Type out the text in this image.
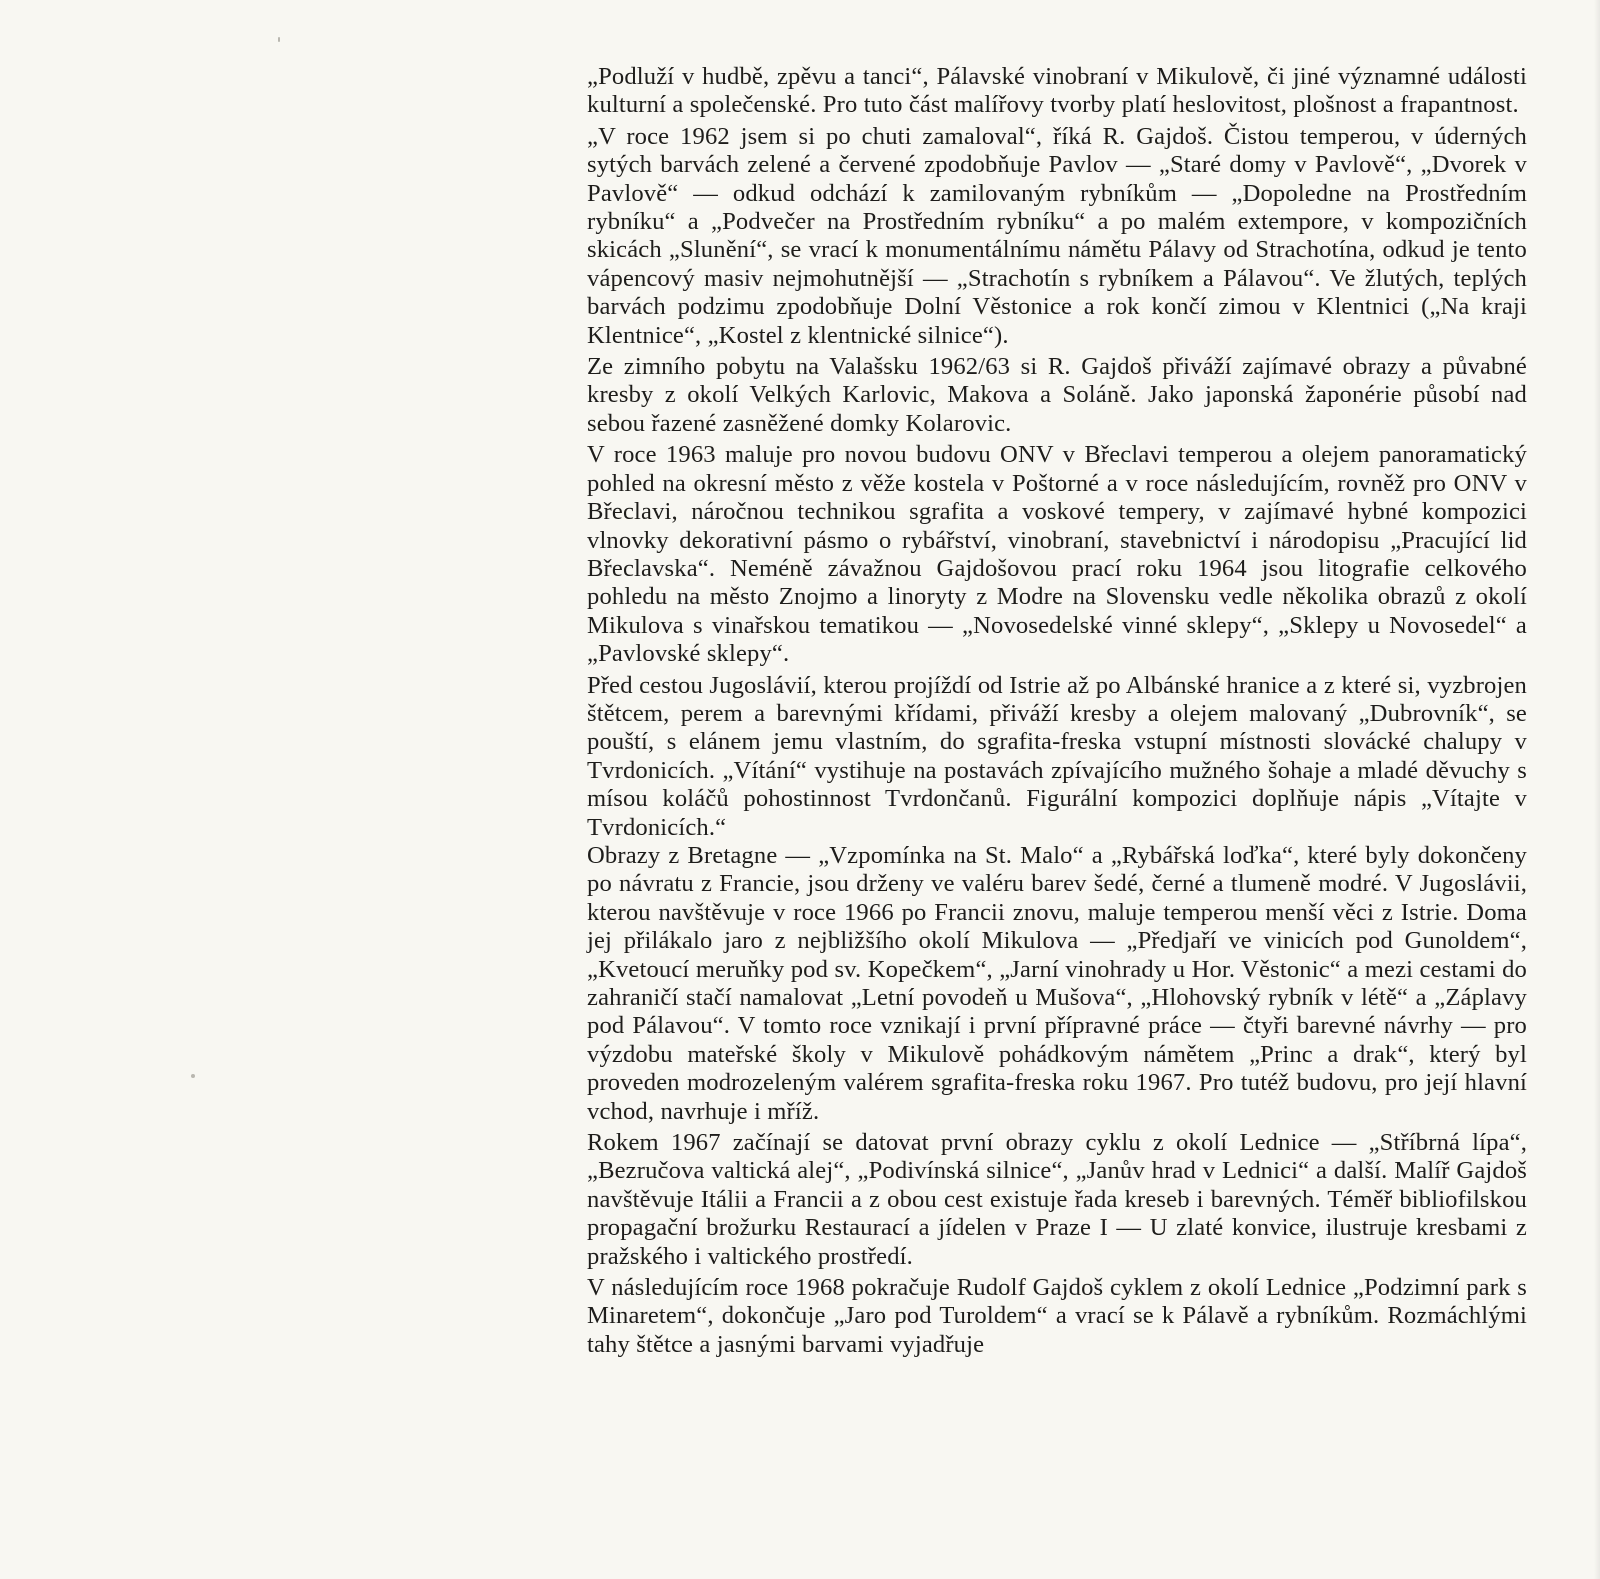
„Podluží v hudbě, zpěvu a tanci“, Pálavské vinobraní v Mikulově, či jiné významné události kulturní a společenské. Pro tuto část malířovy tvorby platí heslovitost, plošnost a frapantnost.

„V roce 1962 jsem si po chuti zamaloval“, říká R. Gajdoš. Čistou temperou, v úderných sytých barvách zelené a červené zpodobňuje Pavlov — „Staré domy v Pavlově“, „Dvorek v Pavlově“ — odkud odchází k zamilovaným rybníkům — „Dopoledne na Prostředním rybníku“ a „Podvečer na Prostředním rybníku“ a po malém extempore, v kompozičních skicách „Slunění“, se vrací k monumentálnímu námětu Pálavy od Strachotína, odkud je tento vápencový masiv nejmohutnější — „Strachotín s rybníkem a Pálavou“. Ve žlutých, teplých barvách podzimu zpodobňuje Dolní Věstonice a rok končí zimou v Klentnici („Na kraji Klentnice“, „Kostel z klentnické silnice“).

Ze zimního pobytu na Valašsku 1962/63 si R. Gajdoš přiváží zajímavé obrazy a půvabné kresby z okolí Velkých Karlovic, Makova a Soláně. Jako japonská žaponérie působí nad sebou řazené zasněžené domky Kolarovic.

V roce 1963 maluje pro novou budovu ONV v Břeclavi temperou a olejem panoramatický pohled na okresní město z věže kostela v Poštorné a v roce následujícím, rovněž pro ONV v Břeclavi, náročnou technikou sgrafita a voskové tempery, v zajímavé hybné kompozici vlnovky dekorativní pásmo o rybářství, vinobraní, stavebnictví i národopisu „Pracující lid Břeclavska“. Neméně závažnou Gajdošovou prací roku 1964 jsou litografie celkového pohledu na město Znojmo a linoryty z Modre na Slovensku vedle několika obrazů z okolí Mikulova s vinařskou tematikou — „Novosedelské vinné sklepy“, „Sklepy u Novosedel“ a „Pavlovské sklepy“.

Před cestou Jugoslávií, kterou projíždí od Istrie až po Albánské hranice a z které si, vyzbrojen štětcem, perem a barevnými křídami, přiváží kresby a olejem malovaný „Dubrovník“, se pouští, s elánem jemu vlastním, do sgrafita-freska vstupní místnosti slovácké chalupy v Tvrdonicích. „Vítání“ vystihuje na postavách zpívajícího mužného šohaje a mladé děvuchy s mísou koláčů pohostinnost Tvrdončanů. Figurální kompozici doplňuje nápis „Vítajte v Tvrdonicích.“

Obrazy z Bretagne — „Vzpomínka na St. Malo“ a „Rybářská loďka“, které byly dokončeny po návratu z Francie, jsou drženy ve valéru barev šedé, černé a tlumeně modré. V Jugoslávii, kterou navštěvuje v roce 1966 po Francii znovu, maluje temperou menší věci z Istrie. Doma jej přilákalo jaro z nejbližšího okolí Mikulova — „Předjaří ve vinicích pod Gunoldem“, „Kvetoucí meruňky pod sv. Kopečkem“, „Jarní vinohrady u Hor. Věstonic“ a mezi cestami do zahraničí stačí namalovat „Letní povodeň u Mušova“, „Hlohovský rybník v létě“ a „Záplavy pod Pálavou“. V tomto roce vznikají i první přípravné práce — čtyři barevné návrhy — pro výzdobu mateřské školy v Mikulově pohádkovým námětem „Princ a drak“, který byl proveden modrozeleným valérem sgrafita-freska roku 1967. Pro tutéž budovu, pro její hlavní vchod, navrhuje i mříž.

Rokem 1967 začínají se datovat první obrazy cyklu z okolí Lednice — „Stříbrná lípa“, „Bezručova valtická alej“, „Podivínská silnice“, „Janův hrad v Lednici“ a další. Malíř Gajdoš navštěvuje Itálii a Francii a z obou cest existuje řada kreseb i barevných. Téměř bibliofilskou propagační brožurku Restaurací a jídelen v Praze I — U zlaté konvice, ilustruje kresbami z pražského i valtického prostředí.

V následujícím roce 1968 pokračuje Rudolf Gajdoš cyklem z okolí Lednice „Podzimní park s Minaretem“, dokončuje „Jaro pod Turoldem“ a vrací se k Pálavě a rybníkům. Rozmáchlými tahy štětce a jasnými barvami vyjadřuje
